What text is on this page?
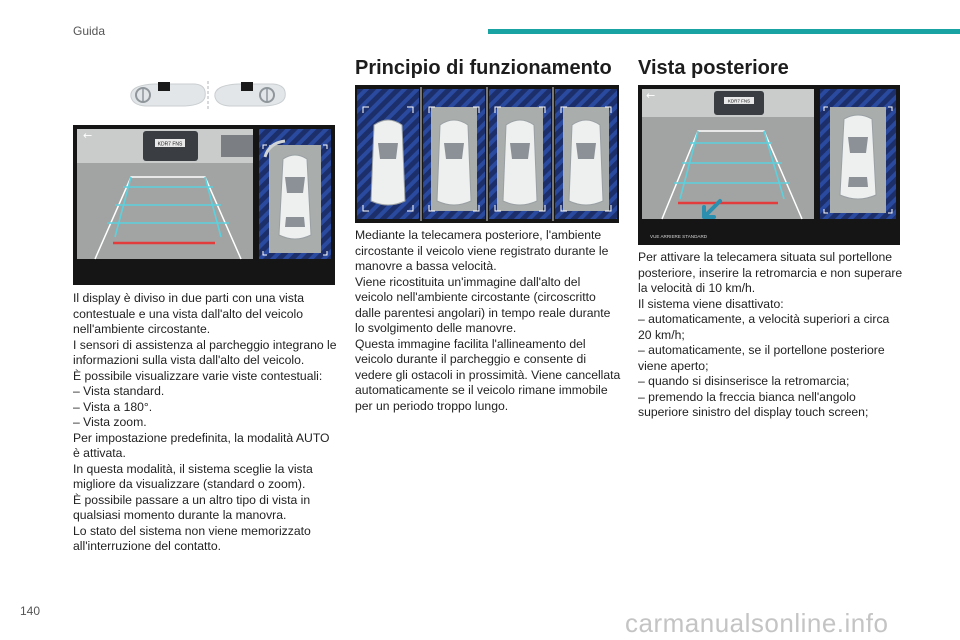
Guida
KDR7 FNS
←

Il display è diviso in due parti con una vista
contestuale e una vista dall'alto del veicolo
nell'ambiente circostante.
I sensori di assistenza al parcheggio integrano le
informazioni sulla vista dall'alto del veicolo.
È possibile visualizzare varie viste contestuali:
– Vista standard.
– Vista a 180°.
– Vista zoom.
Per impostazione predefinita, la modalità AUTO
è attivata.
In questa modalità, il sistema sceglie la vista
migliore da visualizzare (standard o zoom).
È possibile passare a un altro tipo di vista in
qualsiasi momento durante la manovra.
Lo stato del sistema non viene memorizzato
all'interruzione del contatto.

Principio di funzionamento

Mediante la telecamera posteriore, l'ambiente
circostante il veicolo viene registrato durante le
manovre a bassa velocità.
Viene ricostituita un'immagine dall'alto del
veicolo nell'ambiente circostante (circoscritto
dalle parentesi angolari) in tempo reale durante
lo svolgimento delle manovre.
Questa immagine facilita l'allineamento del
veicolo durante il parcheggio e consente di
vedere gli ostacoli in prossimità. Viene cancellata
automaticamente se il veicolo rimane immobile
per un periodo troppo lungo.

Vista posteriore
KDR7 FNS
←
VUE ARRIERE STANDARD

Per attivare la telecamera situata sul portellone
posteriore, inserire la retromarcia e non superare
la velocità di 10 km/h.
Il sistema viene disattivato:
– automaticamente, a velocità superiori a circa
20 km/h;
– automaticamente, se il portellone posteriore
viene aperto;
– quando si disinserisce la retromarcia;
– premendo la freccia bianca nell'angolo
superiore sinistro del display touch screen;

140	carmanualsonline.info
